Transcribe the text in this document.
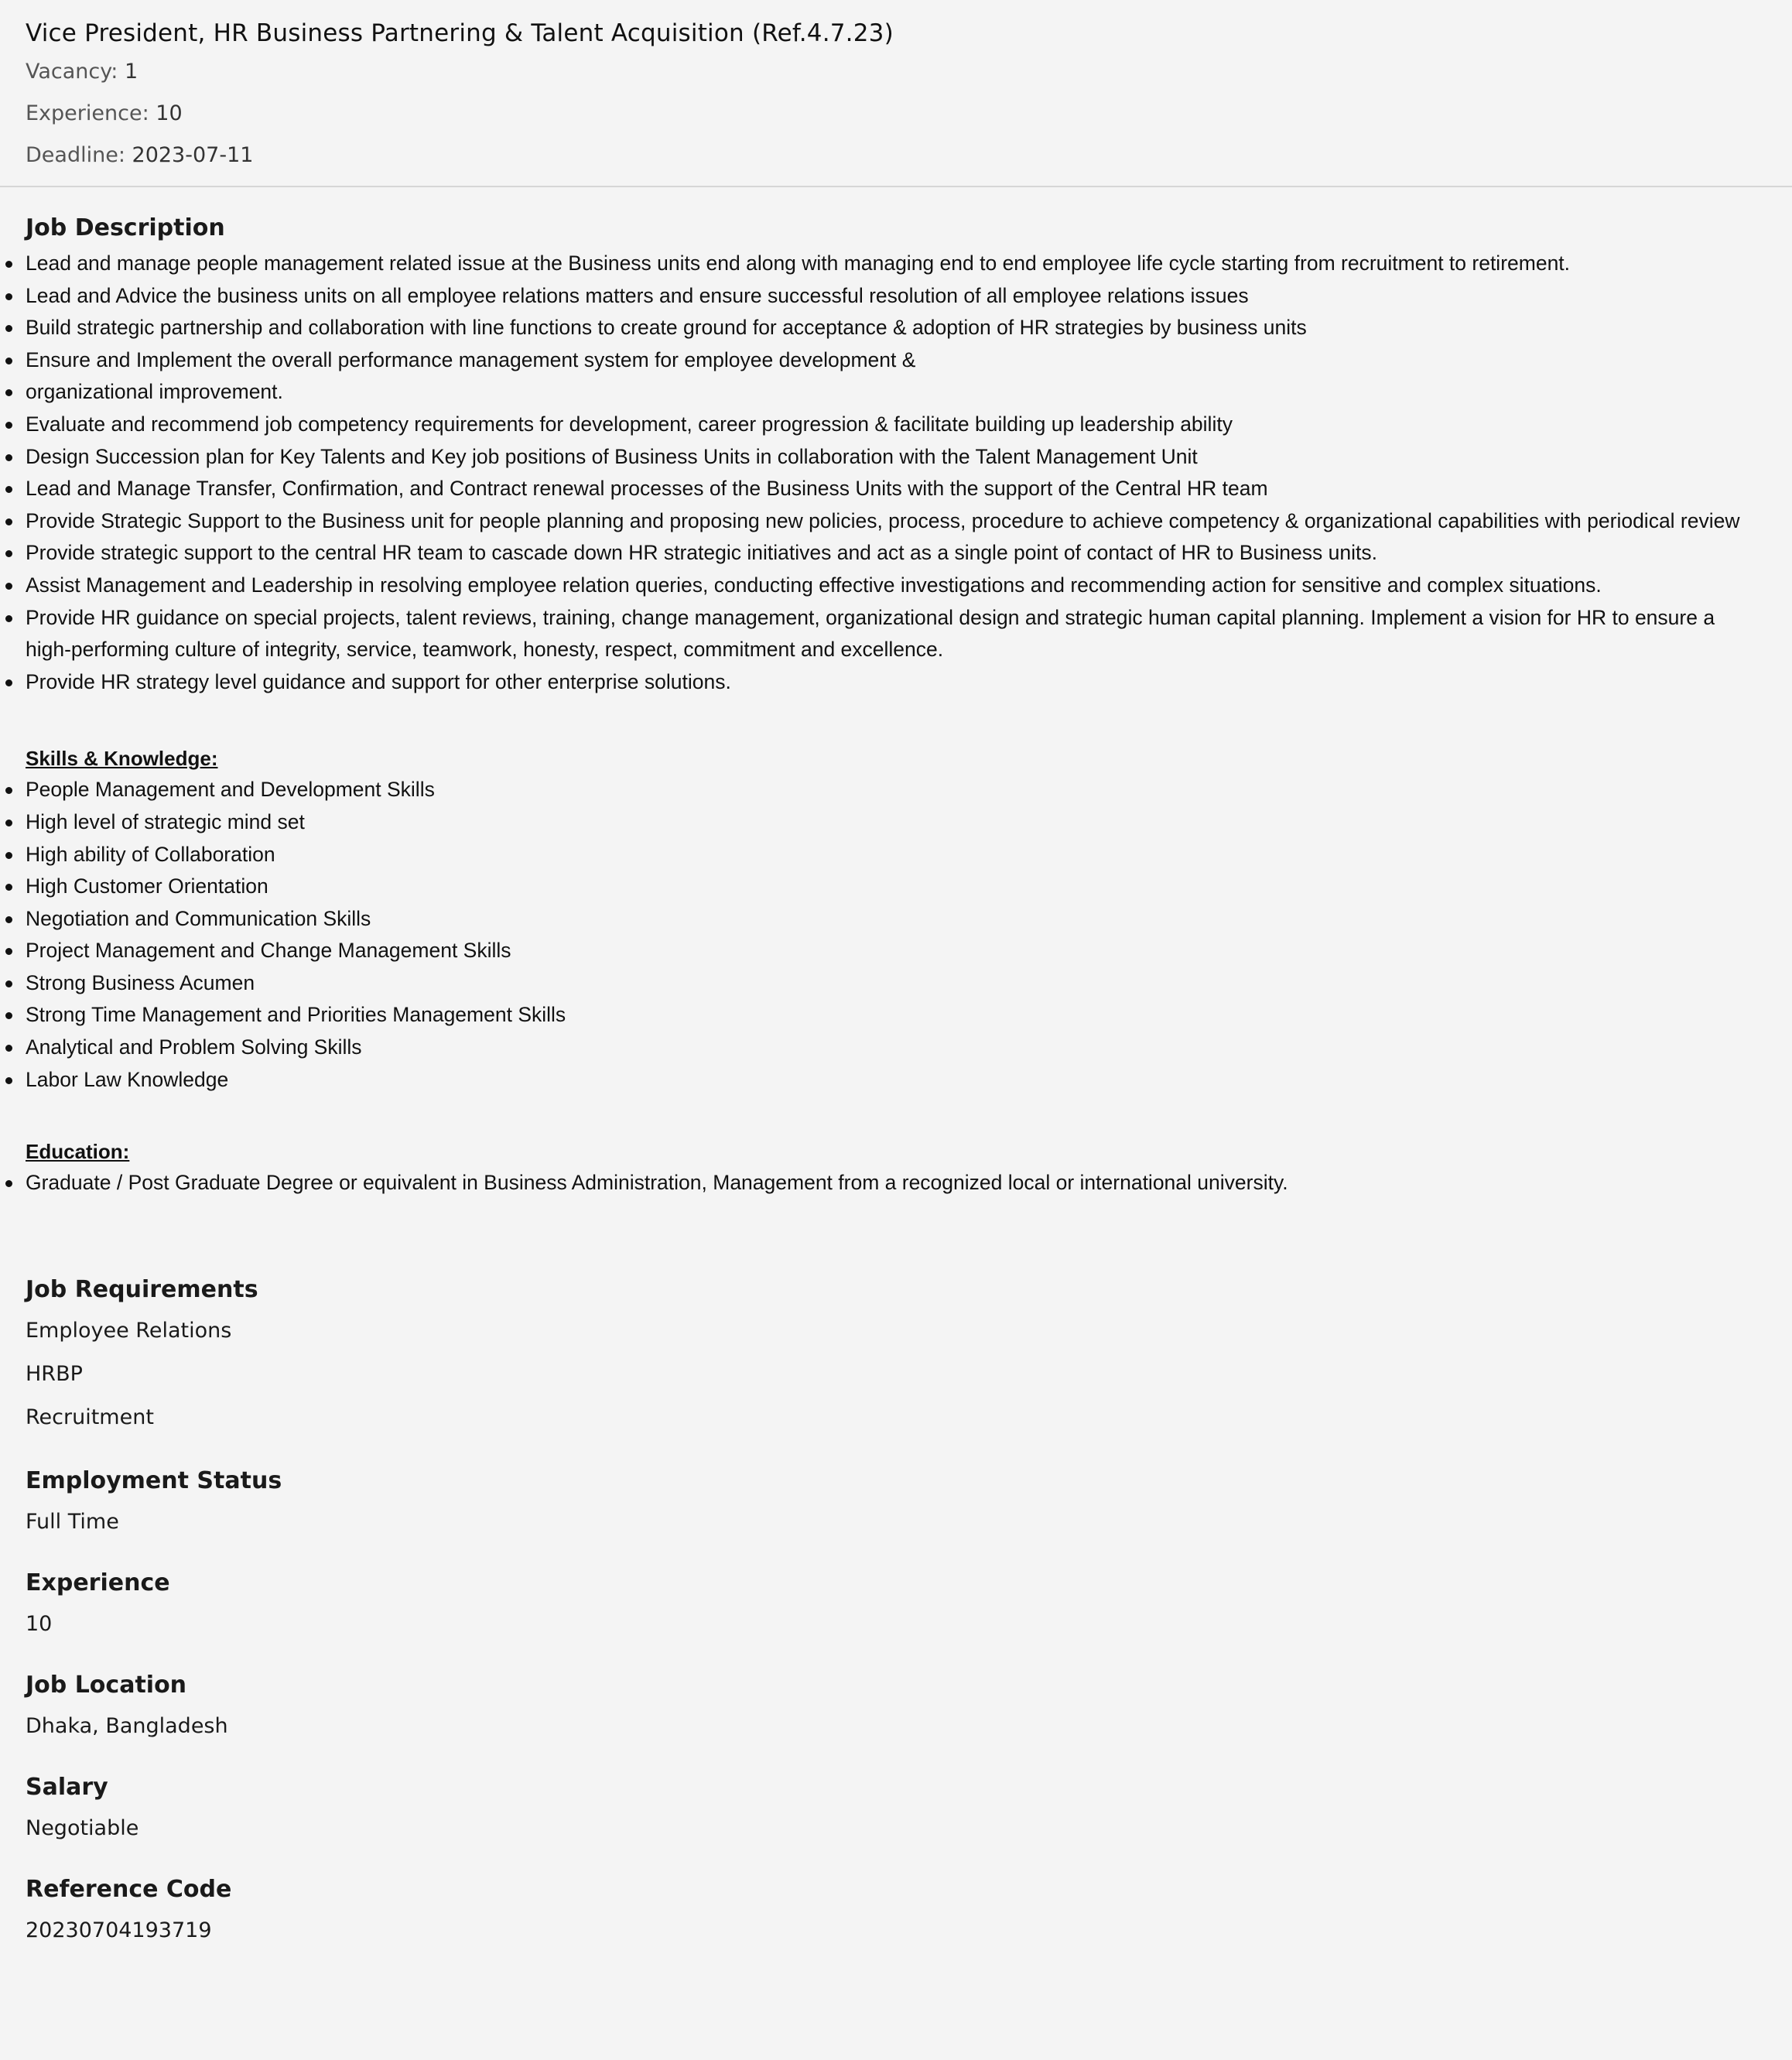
Vice President, HR Business Partnering & Talent Acquisition (Ref.4.7.23)
Vacancy: 1
Experience: 10
Deadline: 2023-07-11
Job Description
Lead and manage people management related issue at the Business units end along with managing end to end employee life cycle starting from recruitment to retirement.
Lead and Advice the business units on all employee relations matters and ensure successful resolution of all employee relations issues
Build strategic partnership and collaboration with line functions to create ground for acceptance & adoption of HR strategies by business units
Ensure and Implement the overall performance management system for employee development &
organizational improvement.
Evaluate and recommend job competency requirements for development, career progression & facilitate building up leadership ability
Design Succession plan for Key Talents and Key job positions of Business Units in collaboration with the Talent Management Unit
Lead and Manage Transfer, Confirmation, and Contract renewal processes of the Business Units with the support of the Central HR team
Provide Strategic Support to the Business unit for people planning and proposing new policies, process, procedure to achieve competency & organizational capabilities with periodical review
Provide strategic support to the central HR team to cascade down HR strategic initiatives and act as a single point of contact of HR to Business units.
Assist Management and Leadership in resolving employee relation queries, conducting effective investigations and recommending action for sensitive and complex situations.
Provide HR guidance on special projects, talent reviews, training, change management, organizational design and strategic human capital planning. Implement a vision for HR to ensure a high-performing culture of integrity, service, teamwork, honesty, respect, commitment and excellence.
Provide HR strategy level guidance and support for other enterprise solutions.
Skills & Knowledge:
People Management and Development Skills
High level of strategic mind set
High ability of Collaboration
High Customer Orientation
Negotiation and Communication Skills
Project Management and Change Management Skills
Strong Business Acumen
Strong Time Management and Priorities Management Skills
Analytical and Problem Solving Skills
Labor Law Knowledge
Education:
Graduate / Post Graduate Degree or equivalent in Business Administration, Management from a recognized local or international university.
Job Requirements
Employee Relations
HRBP
Recruitment
Employment Status
Full Time
Experience
10
Job Location
Dhaka, Bangladesh
Salary
Negotiable
Reference Code
20230704193719
